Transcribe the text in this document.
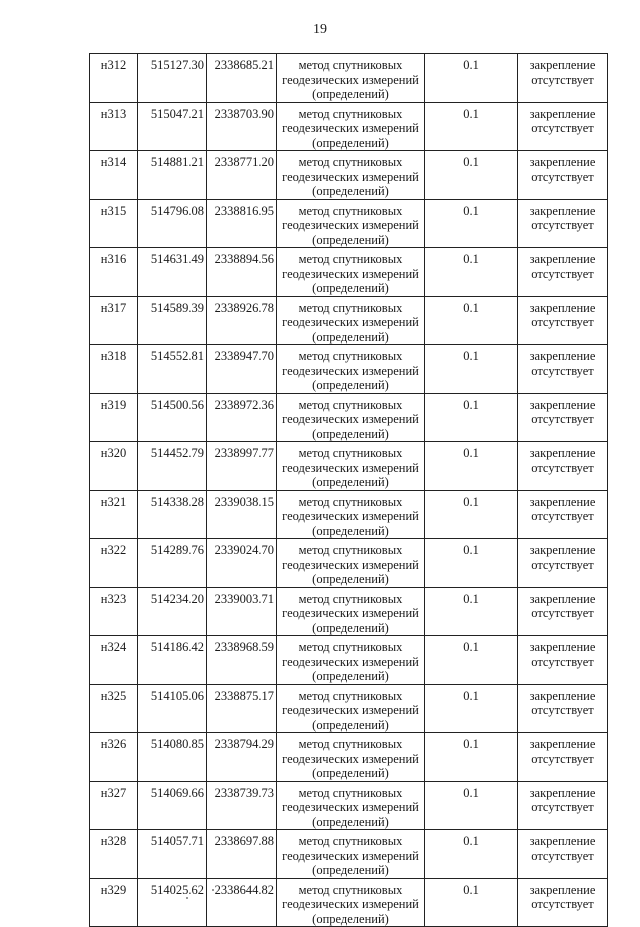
19
н312	515127.30	2338685.21	метод спутниковых геодезических измерений (определений)	0.1	закрепление отсутствует
н313	515047.21	2338703.90	метод спутниковых геодезических измерений (определений)	0.1	закрепление отсутствует
н314	514881.21	2338771.20	метод спутниковых геодезических измерений (определений)	0.1	закрепление отсутствует
н315	514796.08	2338816.95	метод спутниковых геодезических измерений (определений)	0.1	закрепление отсутствует
н316	514631.49	2338894.56	метод спутниковых геодезических измерений (определений)	0.1	закрепление отсутствует
н317	514589.39	2338926.78	метод спутниковых геодезических измерений (определений)	0.1	закрепление отсутствует
н318	514552.81	2338947.70	метод спутниковых геодезических измерений (определений)	0.1	закрепление отсутствует
н319	514500.56	2338972.36	метод спутниковых геодезических измерений (определений)	0.1	закрепление отсутствует
н320	514452.79	2338997.77	метод спутниковых геодезических измерений (определений)	0.1	закрепление отсутствует
н321	514338.28	2339038.15	метод спутниковых геодезических измерений (определений)	0.1	закрепление отсутствует
н322	514289.76	2339024.70	метод спутниковых геодезических измерений (определений)	0.1	закрепление отсутствует
н323	514234.20	2339003.71	метод спутниковых геодезических измерений (определений)	0.1	закрепление отсутствует
н324	514186.42	2338968.59	метод спутниковых геодезических измерений (определений)	0.1	закрепление отсутствует
н325	514105.06	2338875.17	метод спутниковых геодезических измерений (определений)	0.1	закрепление отсутствует
н326	514080.85	2338794.29	метод спутниковых геодезических измерений (определений)	0.1	закрепление отсутствует
н327	514069.66	2338739.73	метод спутниковых геодезических измерений (определений)	0.1	закрепление отсутствует
н328	514057.71	2338697.88	метод спутниковых геодезических измерений (определений)	0.1	закрепление отсутствует
н329	514025.62	2338644.82	метод спутниковых геодезических измерений (определений)	0.1	закрепление отсутствует
